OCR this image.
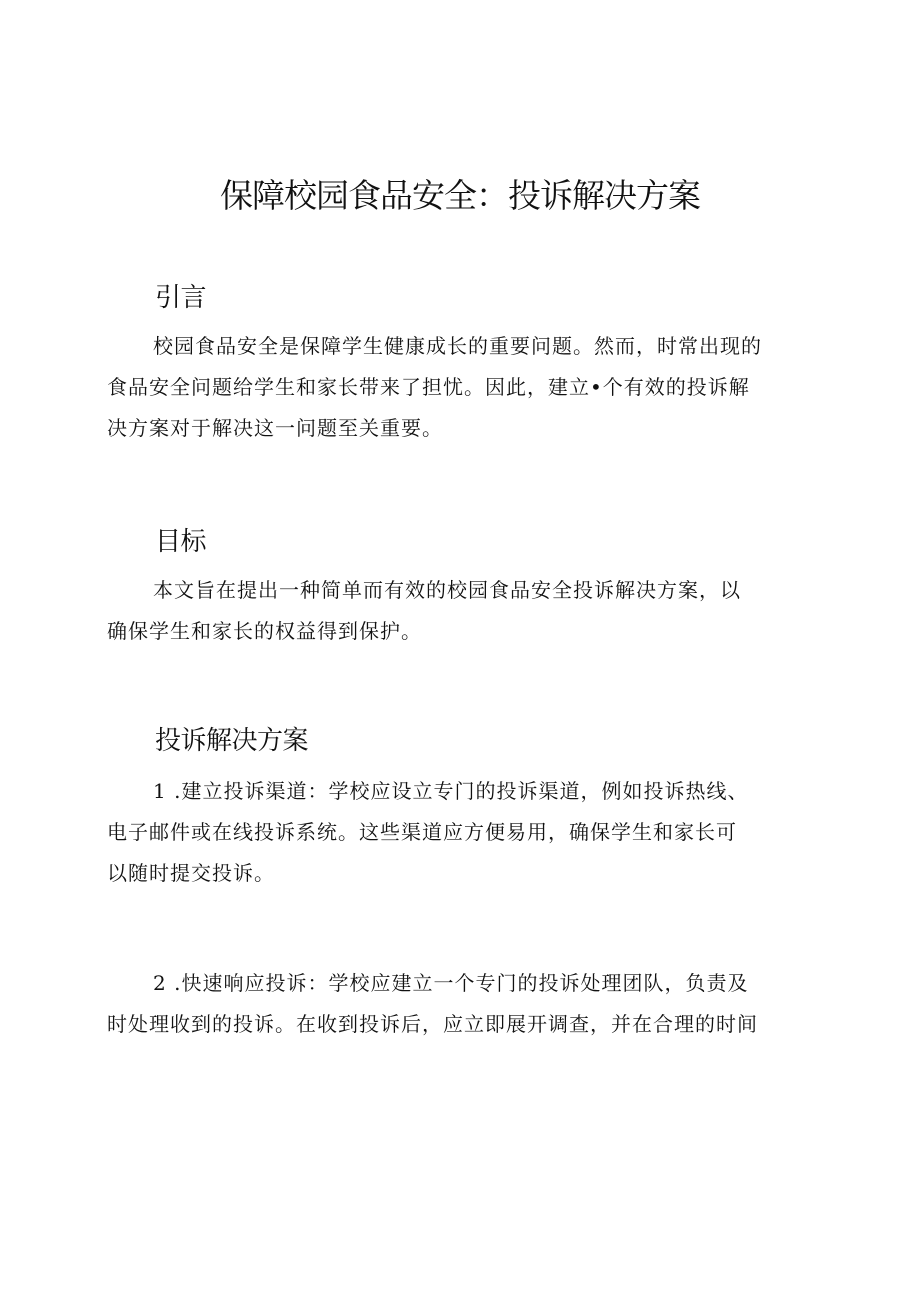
保障校园食品安全：投诉解决方案
引言
校园食品安全是保障学生健康成长的重要问题。然而，时常出现的
食品安全问题给学生和家长带来了担忧。因此，建立•个有效的投诉解
决方案对于解决这一问题至关重要。
目标
本文旨在提出一种简单而有效的校园食品安全投诉解决方案，以
确保学生和家长的权益得到保护。
投诉解决方案
1 .建立投诉渠道：学校应设立专门的投诉渠道，例如投诉热线、
电子邮件或在线投诉系统。这些渠道应方便易用，确保学生和家长可
以随时提交投诉。
2 .快速响应投诉：学校应建立一个专门的投诉处理团队，负责及
时处理收到的投诉。在收到投诉后，应立即展开调查，并在合理的时间
